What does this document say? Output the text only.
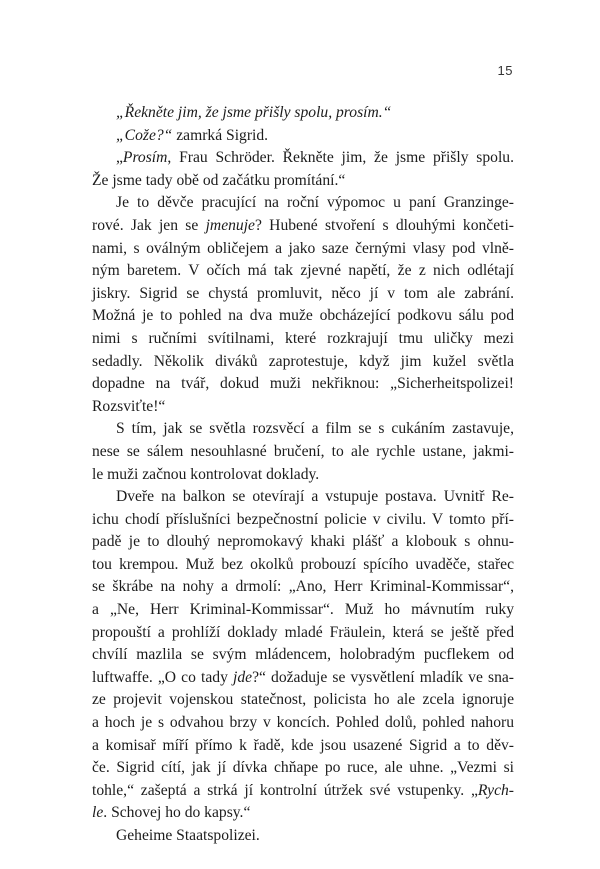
15
„Řekněte jim, že jsme přišly spolu, prosím.“
„Cože?“ zamrká Sigrid.
„Prosím, Frau Schröder. Řekněte jim, že jsme přišly spolu.
Že jsme tady obě od začátku promítání.“
Je to děvče pracující na roční výpomoc u paní Granzinge-
rové. Jak jen se jmenuje? Hubené stvoření s dlouhými končeti-
nami, s oválným obličejem a jako saze černými vlasy pod vlně-
ným baretem. V očích má tak zjevné napětí, že z nich odlétají
jiskry. Sigrid se chystá promluvit, něco jí v tom ale zabrání.
Možná je to pohled na dva muže obcházející podkovu sálu pod
nimi s ručními svítilnami, které rozkrajují tmu uličky mezi
sedadly. Několik diváků zaprotestuje, když jim kužel světla
dopadne na tvář, dokud muži nekřiknou: „Sicherheitspolizei!
Rozsviťte!“
S tím, jak se světla rozsvěcí a film se s cukáním zastavuje,
nese se sálem nesouhlasné bručení, to ale rychle ustane, jakmi-
le muži začnou kontrolovat doklady.
Dveře na balkon se otevírají a vstupuje postava. Uvnitř Re-
ichu chodí příslušníci bezpečnostní policie v civilu. V tomto pří-
padě je to dlouhý nepromokavý khaki plášť a klobouk s ohnu-
tou krempou. Muž bez okolků probouzí spícího uvaděče, stařec
se škrábe na nohy a drmolí: „Ano, Herr Kriminal-Kommissar“,
a „Ne, Herr Kriminal-Kommissar“. Muž ho mávnutím ruky
propouští a prohlíží doklady mladé Fräulein, která se ještě před
chvílí mazlila se svým mládencem, holobradým pucflekem od
luftwaffe. „O co tady jde?“ dožaduje se vysvětlení mladík ve sna-
ze projevit vojenskou statečnost, policista ho ale zcela ignoruje
a hoch je s odvahou brzy v koncích. Pohled dolů, pohled nahoru
a komisař míří přímo k řadě, kde jsou usazené Sigrid a to děv-
če. Sigrid cítí, jak jí dívka chňape po ruce, ale uhne. „Vezmi si
tohle,“ zašeptá a strká jí kontrolní útržek své vstupenky. „Rych-
le. Schovej ho do kapsy.“
Geheime Staatspolizei.
